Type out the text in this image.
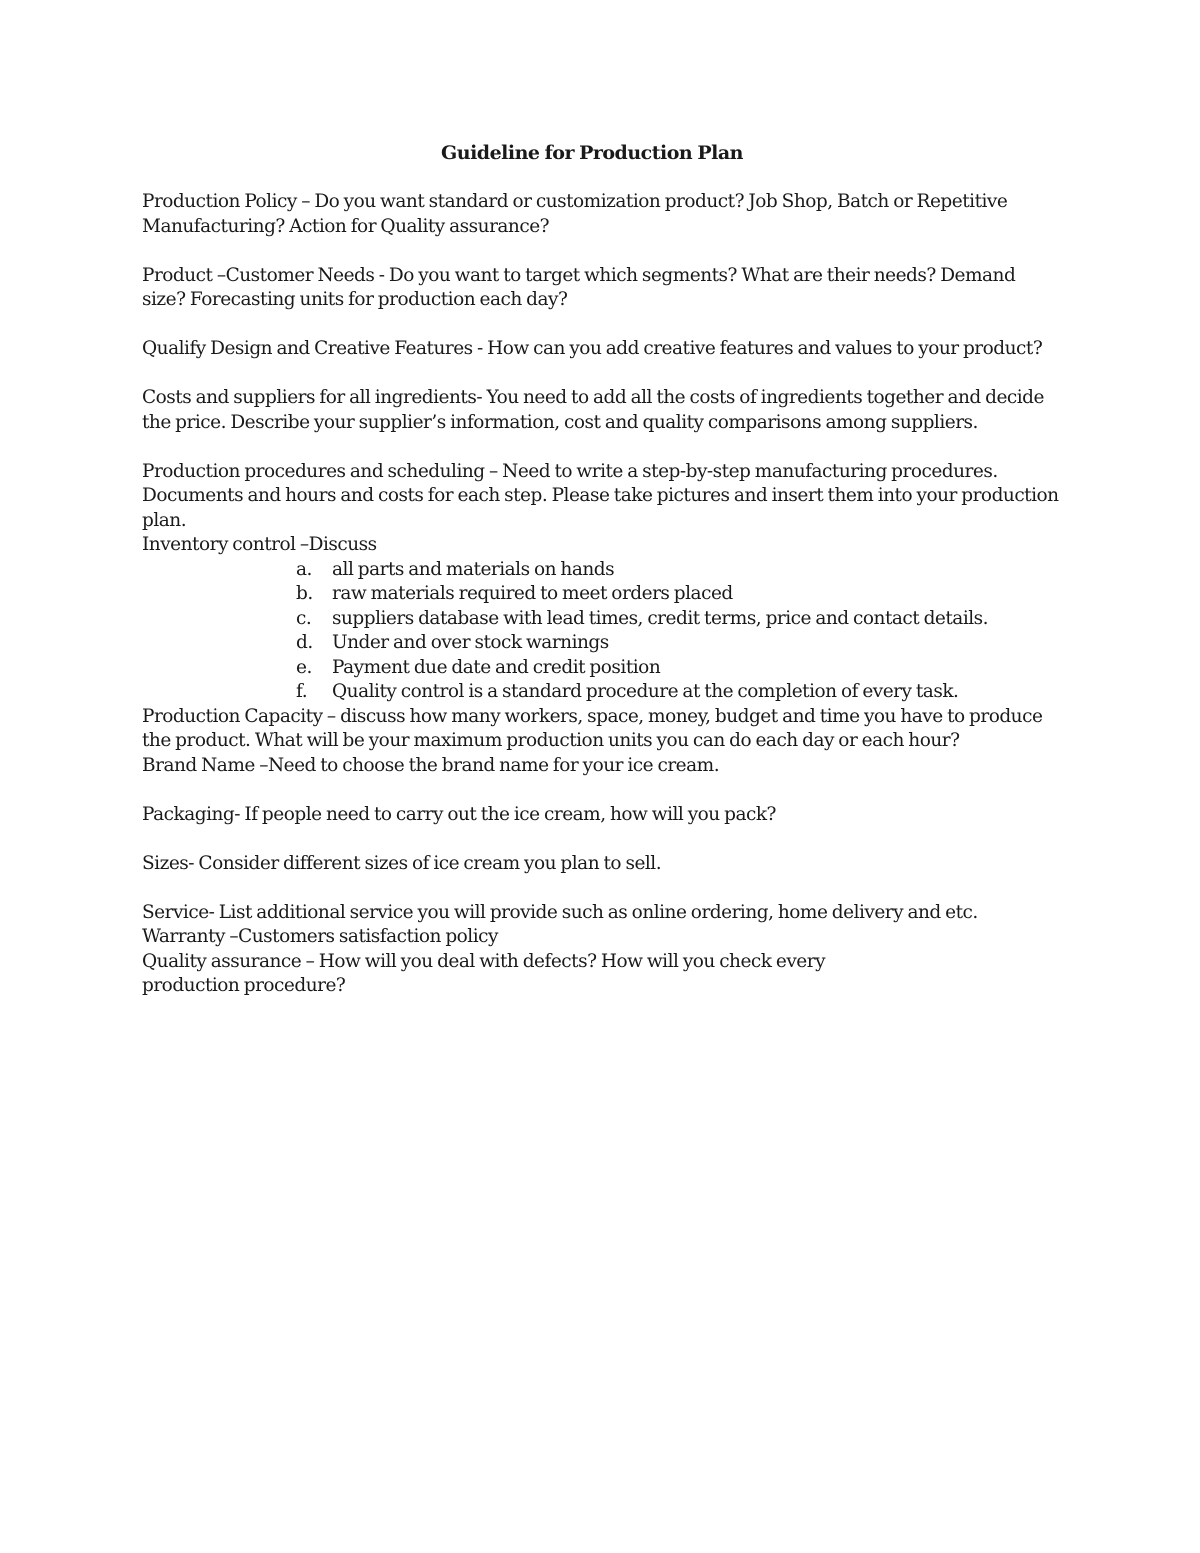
Guideline for Production Plan

Production Policy – Do you want standard or customization product? Job Shop, Batch or Repetitive Manufacturing? Action for Quality assurance?

Product –Customer Needs - Do you want to target which segments? What are their needs? Demand size? Forecasting units for production each day?

Qualify Design and Creative Features - How can you add creative features and values to your product?

Costs and suppliers for all ingredients- You need to add all the costs of ingredients together and decide the price. Describe your supplier’s information, cost and quality comparisons among suppliers.

Production procedures and scheduling – Need to write a step-by-step manufacturing procedures. Documents and hours and costs for each step. Please take pictures and insert them into your production plan.

Inventory control –Discuss

a.	all parts and materials on hands
b.	raw materials required to meet orders placed
c.	suppliers database with lead times, credit terms, price and contact details.
d.	Under and over stock warnings
e.	Payment due date and credit position
f.	Quality control is a standard procedure at the completion of every task.

Production Capacity – discuss how many workers, space, money, budget and time you have to produce the product. What will be your maximum production units you can do each day or each hour?

Brand Name –Need to choose the brand name for your ice cream.

Packaging- If people need to carry out the ice cream, how will you pack?

Sizes- Consider different sizes of ice cream you plan to sell.

Service- List additional service you will provide such as online ordering, home delivery and etc.

Warranty –Customers satisfaction policy

Quality assurance – How will you deal with defects? How will you check every production procedure?
